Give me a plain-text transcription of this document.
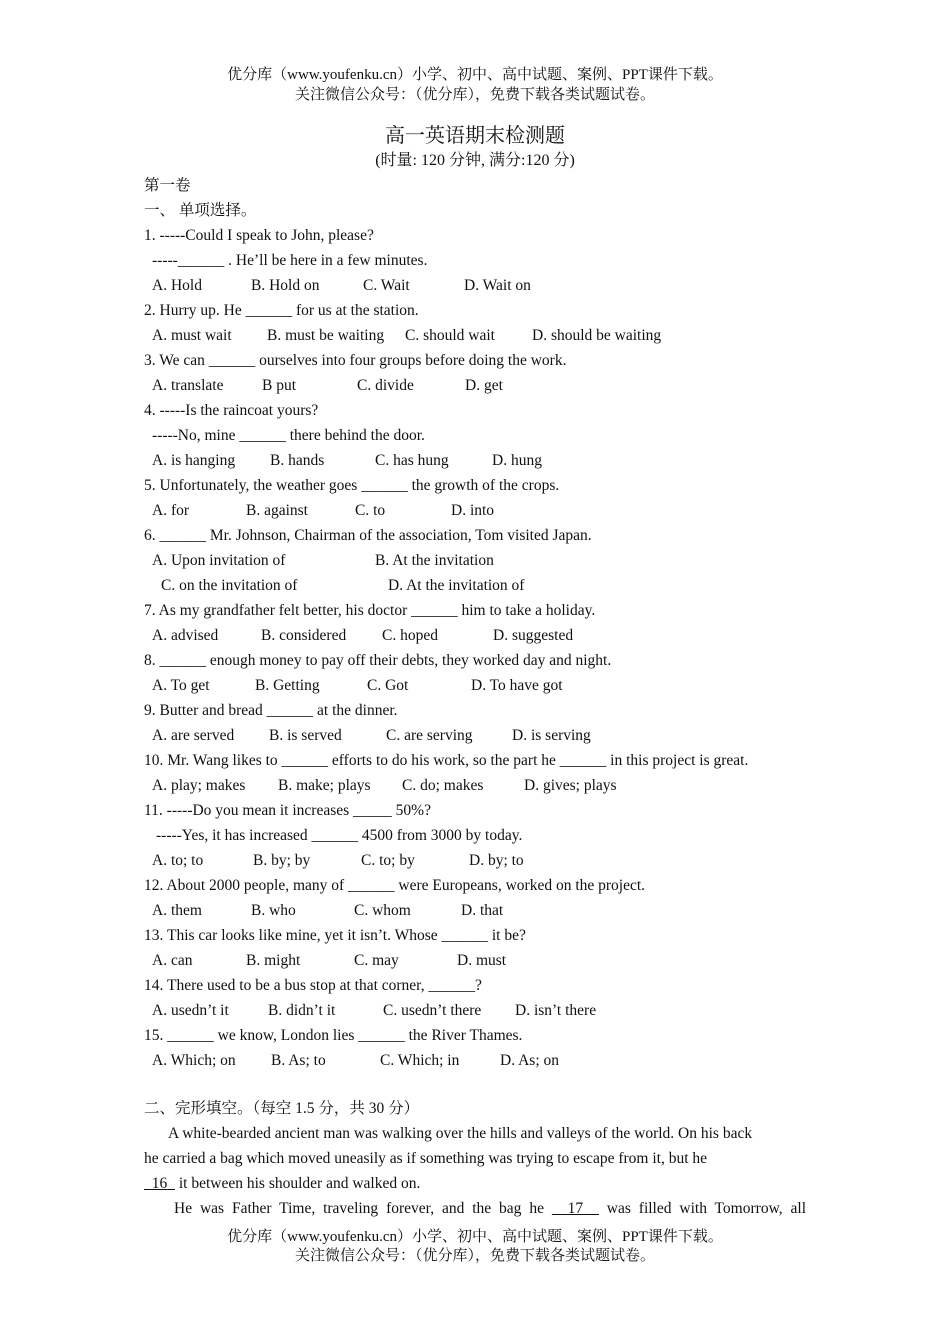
优分库（www.youfenku.cn）小学、初中、高中试题、案例、PPT课件下载。
关注微信公众号：（优分库），免费下载各类试题试卷。
高一英语期末检测题
(时量: 120 分钟, 满分:120 分)
第一卷
一、 单项选择。
1. -----Could I speak to John, please?
-----______ . He’ll be here in a few minutes.
A. Hold	B. Hold on	C. Wait	D. Wait on
2. Hurry up. He ______ for us at the station.
A. must wait B. must be waiting C. should wait D. should be waiting
3. We can ______ ourselves into four groups before doing the work.
A. translate B put	C. divide	D. get
4. -----Is the raincoat yours?
-----No, mine ______ there behind the door.
A. is hanging B. hands	C. has hung	D. hung
5. Unfortunately, the weather goes ______ the growth of the crops.
A. for	B. against	C. to	D. into
6. ______ Mr. Johnson, Chairman of the association, Tom visited Japan.
A. Upon invitation of	B. At the invitation
C. on the invitation of	D. At the invitation of
7. As my grandfather felt better, his doctor ______ him to take a holiday.
A. advised	B. considered C. hoped	D. suggested
8. ______ enough money to pay off their debts, they worked day and night.
A. To get	B. Getting	C. Got	D. To have got
9. Butter and bread ______ at the dinner.
A. are served B. is served	C. are serving	D. is serving
10. Mr. Wang likes to ______ efforts to do his work, so the part he ______ in this project is great.
A. play; makes B. make; plays C. do; makes	D. gives; plays
11. -----Do you mean it increases _____ 50%?
-----Yes, it has increased ______ 4500 from 3000 by today.
A. to; to	B. by; by	C. to; by	D. by; to
12. About 2000 people, many of ______ were Europeans, worked on the project.
A. them	B. who	C. whom	D. that
13. This car looks like mine, yet it isn’t. Whose ______ it be?
A. can	B. might	C. may	D. must
14. There used to be a bus stop at that corner, ______?
A. usedn’t it	B. didn’t it	C. usedn’t there D. isn’t there
15. ______ we know, London lies ______ the River Thames.
A. Which; on B. As; to	C. Which; in	D. As; on
二、完形填空。（每空 1.5 分，共 30 分）
A white-bearded ancient man was walking over the hills and valleys of the world. On his back
he carried a bag which moved uneasily as if something was trying to escape from it, but he
16   it between his shoulder and walked on.
He was Father Time, traveling forever, and the bag he   17   was filled with Tomorrow, all
优分库（www.youfenku.cn）小学、初中、高中试题、案例、PPT课件下载。
关注微信公众号：（优分库），免费下载各类试题试卷。
